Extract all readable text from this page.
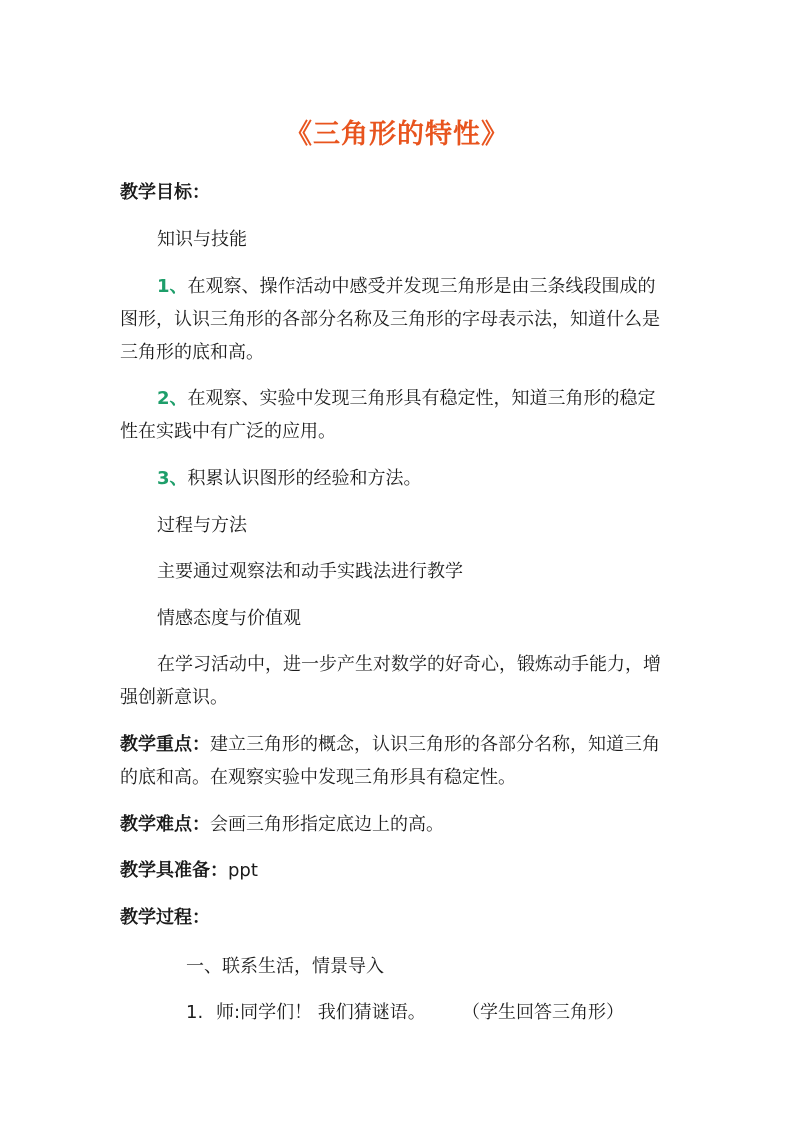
《三角形的特性》
教学目标：
知识与技能
1、在观察、操作活动中感受并发现三角形是由三条线段围成的
图形，认识三角形的各部分名称及三角形的字母表示法，知道什么是
三角形的底和高。
2、在观察、实验中发现三角形具有稳定性，知道三角形的稳定
性在实践中有广泛的应用。
3、积累认识图形的经验和方法。
过程与方法
主要通过观察法和动手实践法进行教学
情感态度与价值观
在学习活动中，进一步产生对数学的好奇心，锻炼动手能力，增
强创新意识。
教学重点：建立三角形的概念，认识三角形的各部分名称，知道三角
的底和高。在观察实验中发现三角形具有稳定性。
教学难点：会画三角形指定底边上的高。
教学具准备：ppt
教学过程：
一、联系生活，情景导入
1. 师:同学们！ 我们猜谜语。 （学生回答三角形）
